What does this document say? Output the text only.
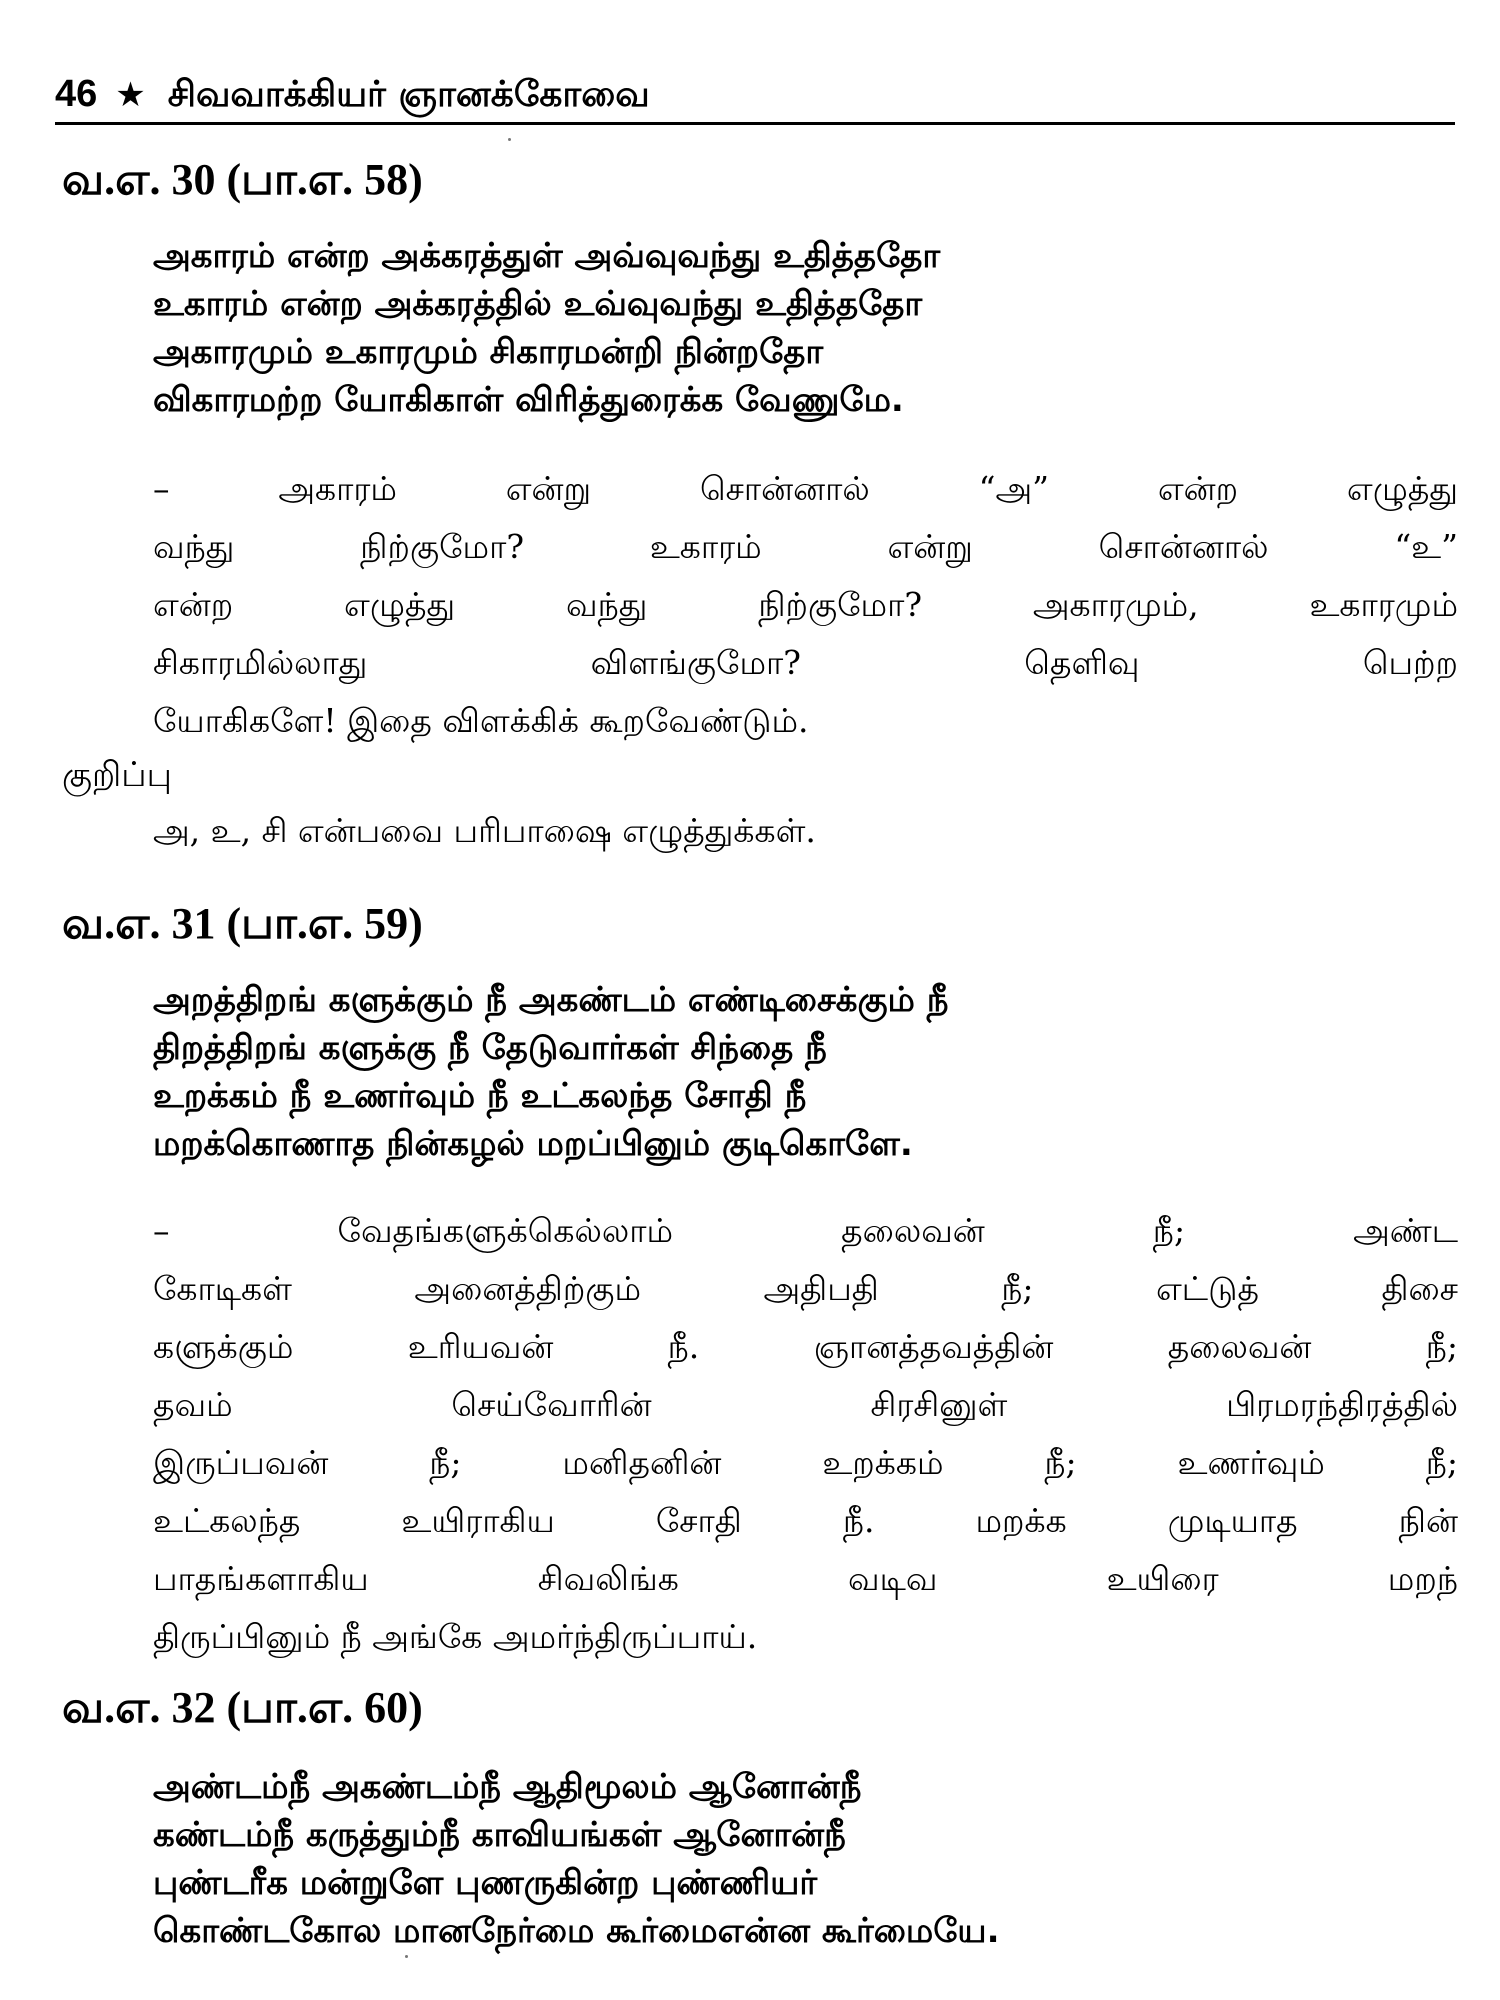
46 ★ சிவவாக்கியர் ஞானக்கோவை
வ.எ. 30 (பா.எ. 58)
அகாரம் என்ற அக்கரத்துள் அவ்வுவந்து உதித்ததோ
உகாரம் என்ற அக்கரத்தில் உவ்வுவந்து உதித்ததோ
அகாரமும் உகாரமும் சிகாரமன்றி நின்றதோ
விகாரமற்ற யோகிகாள் விரித்துரைக்க வேணுமே.
– அகாரம் என்று சொன்னால் “அ” என்ற எழுத்து
வந்து நிற்குமோ? உகாரம் என்று சொன்னால் “உ”
என்ற எழுத்து வந்து நிற்குமோ? அகாரமும், உகாரமும்
சிகாரமில்லாது விளங்குமோ? தெளிவு பெற்ற
யோகிகளே! இதை விளக்கிக் கூறவேண்டும்.
குறிப்பு
அ, உ, சி என்பவை பரிபாஷை எழுத்துக்கள்.
வ.எ. 31 (பா.எ. 59)
அறத்திறங் களுக்கும் நீ அகண்டம் எண்டிசைக்கும் நீ
திறத்திறங் களுக்கு நீ தேடுவார்கள் சிந்தை நீ
உறக்கம் நீ உணர்வும் நீ உட்கலந்த சோதி நீ
மறக்கொணாத நின்கழல் மறப்பினும் குடிகொளே.
– வேதங்களுக்கெல்லாம் தலைவன் நீ; அண்ட
கோடிகள் அனைத்திற்கும் அதிபதி நீ; எட்டுத் திசை
களுக்கும் உரியவன் நீ. ஞானத்தவத்தின் தலைவன் நீ;
தவம் செய்வோரின் சிரசினுள் பிரமரந்திரத்தில்
இருப்பவன் நீ; மனிதனின் உறக்கம் நீ; உணர்வும் நீ;
உட்கலந்த உயிராகிய சோதி நீ. மறக்க முடியாத நின்
பாதங்களாகிய சிவலிங்க வடிவ உயிரை மறந்
திருப்பினும் நீ அங்கே அமர்ந்திருப்பாய்.
வ.எ. 32 (பா.எ. 60)
அண்டம்நீ அகண்டம்நீ ஆதிமூலம் ஆனோன்நீ
கண்டம்நீ கருத்தும்நீ காவியங்கள் ஆனோன்நீ
புண்டரீக மன்றுளே புணருகின்ற புண்ணியர்
கொண்டகோல மானநேர்மை கூர்மைஎன்ன கூர்மையே.
